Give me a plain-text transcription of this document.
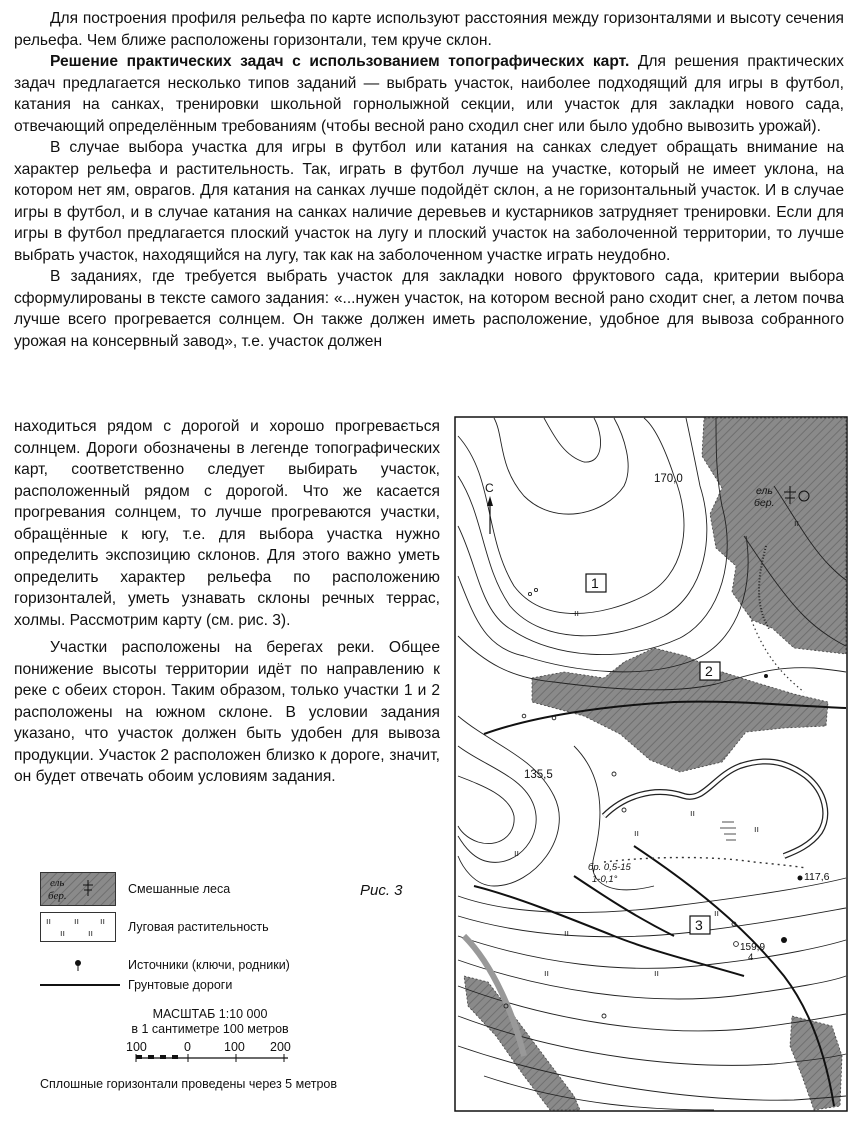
Для построения профиля рельефа по карте используют расстояния между горизонталями и высоту сечения рельефа. Чем ближе расположены горизонтали, тем круче склон.

Решение практических задач с использованием топографических карт. Для решения практических задач предлагается несколько типов заданий — выбрать участок, наиболее подходящий для игры в футбол, катания на санках, тренировки школьной горнолыжной секции, или участок для закладки нового сада, отвечающий определённым требованиям (чтобы весной рано сходил снег или было удобно вывозить урожай).

В случае выбора участка для игры в футбол или катания на санках следует обращать внимание на характер рельефа и растительность. Так, играть в футбол лучше на участке, который не имеет уклона, на котором нет ям, оврагов. Для катания на санках лучше подойдёт склон, а не горизонтальный участок. И в случае игры в футбол, и в случае катания на санках наличие деревьев и кустарников затрудняет тренировки. Если для игры в футбол предлагается плоский участок на лугу и плоский участок на заболоченной территории, то лучше выбрать участок, находящийся на лугу, так как на заболоченном участке играть неудобно.

В заданиях, где требуется выбрать участок для закладки нового фруктового сада, критерии выбора сформулированы в тексте самого задания: «...нужен участок, на котором весной рано сходит снег, а летом почва лучше всего прогревается солнцем. Он также должен иметь расположение, удобное для вывоза собранного урожая на консервный завод», т.е. участок должен

находиться рядом с дорогой и хорошо прогревається солнцем. Дороги обозначены в легенде топографических карт, соответственно следует выбирать участок, расположенный рядом с дорогой. Что же касается прогревания солнцем, то лучше прогреваются участки, обращённые к югу, т.е. для выбора участка нужно определить экспозицию склонов. Для этого важно уметь определить характер рельефа по расположению горизонталей, уметь узнавать склоны речных террас, холмы. Рассмотрим карту (см. рис. 3).

Участки расположены на берегах реки. Общее понижение высоты территории идёт по направлению к реке с обеих сторон. Таким образом, только участки 1 и 2 расположены на южном склоне. В условии задания указано, что участок должен быть удобен для вывоза продукции. Участок 2 расположен близко к дороге, значит, он будет отвечать обоим условиям задания.

ıı
ıı
ıı
ıı
ıı
ıı
ıı	ıı
ıı
ıı
С
1
2
3
170,0
135,5
117,6
159,9
4
ель
бер.
бр. 0,5-15
1-0,1°
ель
бер.	Смешанные леса
ıı	ıı ıı
ıı	ıı	Луговая растительность
Источники (ключи, родники)
Грунтовые дороги
Рис. 3
МАСШТАБ 1:10 000
в 1 сантиметре 100 метров
100	0	100 200
Сплошные горизонтали проведены через 5 метров
